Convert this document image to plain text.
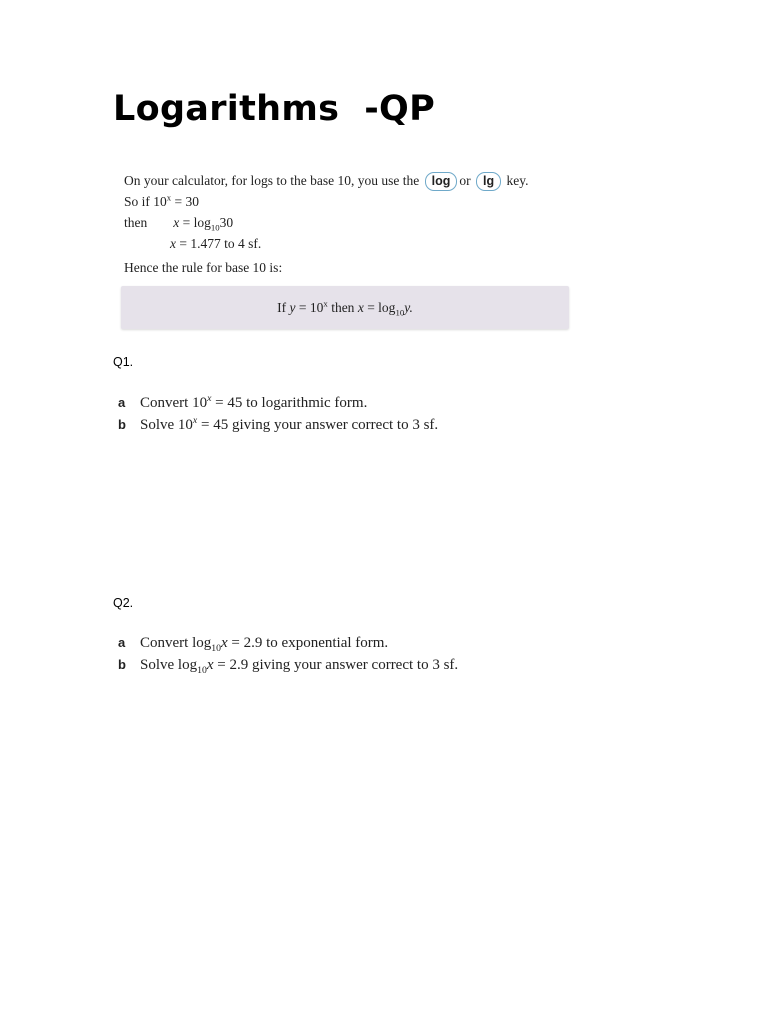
Logarithms  -QP
On your calculator, for logs to the base 10, you use the log or lg key.
So if $10^x = 30$
then $x = \log_{10}30$
x = 1.477 to 4 sf.
Hence the rule for base 10 is:
If $y = 10^x$ then $x = \log_{10}y$.
Q1.
a Convert $10^x = 45$ to logarithmic form.
b Solve $10^x = 45$ giving your answer correct to 3 sf.
Q2.
a Convert $\log_{10}x = 2.9$ to exponential form.
b Solve $\log_{10}x = 2.9$ giving your answer correct to 3 sf.
